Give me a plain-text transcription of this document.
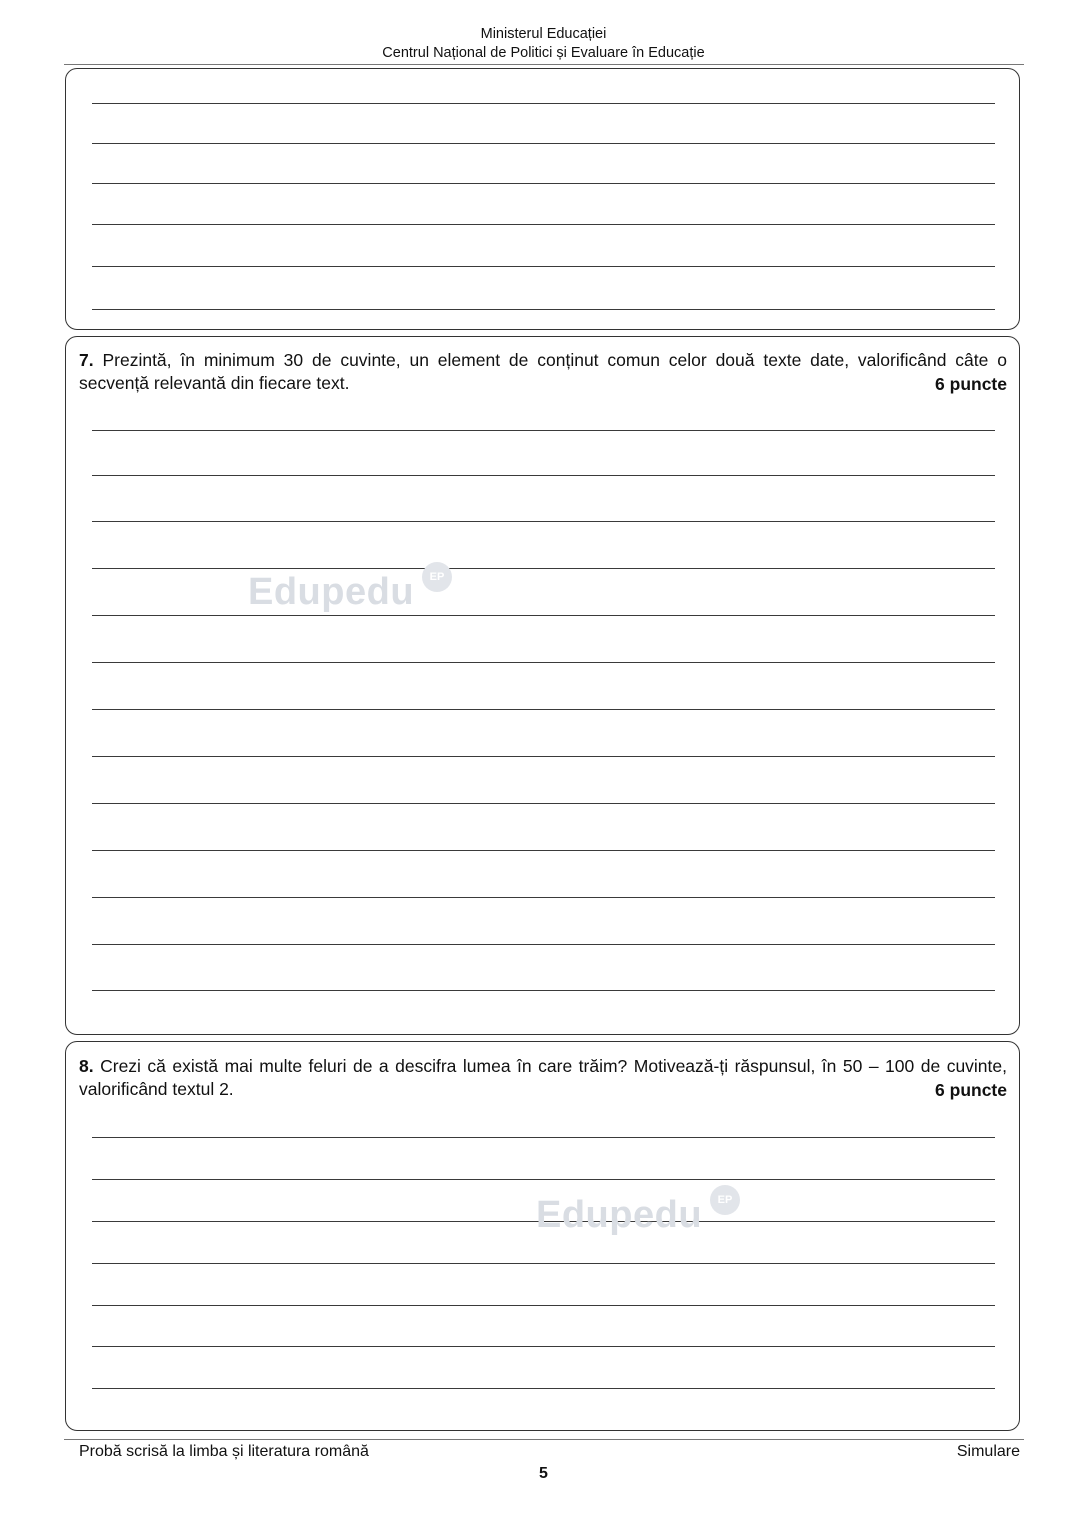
Ministerul Educației
Centrul Național de Politici și Evaluare în Educație
7. Prezintă, în minimum 30 de cuvinte, un element de conținut comun celor două texte date, valorificând câte o secvență relevantă din fiecare text.	6 puncte
Edupedu	EP
8. Crezi că există mai multe feluri de a descifra lumea în care trăim? Motivează-ți răspunsul, în 50 – 100 de cuvinte, valorificând textul 2.	6 puncte
Edupedu	EP
Probă scrisă la limba și literatura română	Simulare
5
